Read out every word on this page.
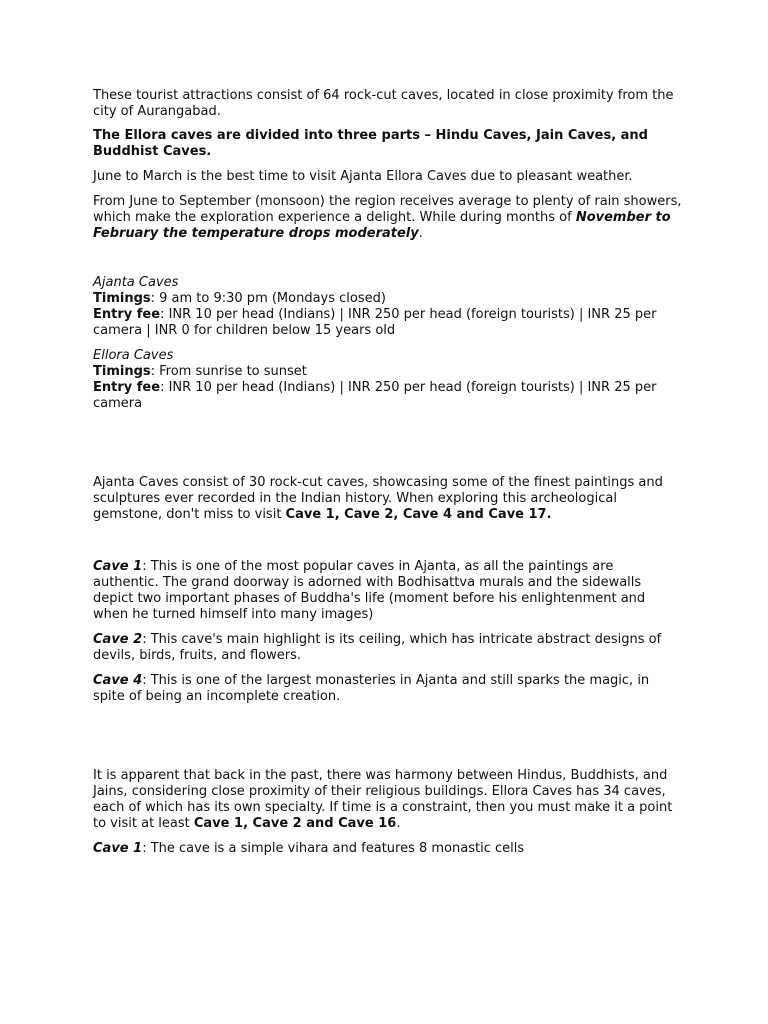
These tourist attractions consist of 64 rock-cut caves, located in close proximity from the city of Aurangabad.

The Ellora caves are divided into three parts – Hindu Caves, Jain Caves, and Buddhist Caves.

June to March is the best time to visit Ajanta Ellora Caves due to pleasant weather.

From June to September (monsoon) the region receives average to plenty of rain showers, which make the exploration experience a delight. While during months of November to February the temperature drops moderately.

Ajanta Caves

Timings: 9 am to 9:30 pm (Mondays closed)

Entry fee: INR 10 per head (Indians) | INR 250 per head (foreign tourists) | INR 25 per camera | INR 0 for children below 15 years old

Ellora Caves

Timings: From sunrise to sunset

Entry fee: INR 10 per head (Indians) | INR 250 per head (foreign tourists) | INR 25 per camera

Ajanta Caves consist of 30 rock-cut caves, showcasing some of the finest paintings and sculptures ever recorded in the Indian history. When exploring this archeological gemstone, don't miss to visit Cave 1, Cave 2, Cave 4 and Cave 17.

Cave 1: This is one of the most popular caves in Ajanta, as all the paintings are authentic. The grand doorway is adorned with Bodhisattva murals and the sidewalls depict two important phases of Buddha's life (moment before his enlightenment and when he turned himself into many images)

Cave 2: This cave's main highlight is its ceiling, which has intricate abstract designs of devils, birds, fruits, and flowers.

Cave 4: This is one of the largest monasteries in Ajanta and still sparks the magic, in spite of being an incomplete creation.

It is apparent that back in the past, there was harmony between Hindus, Buddhists, and Jains, considering close proximity of their religious buildings. Ellora Caves has 34 caves, each of which has its own specialty. If time is a constraint, then you must make it a point to visit at least Cave 1, Cave 2 and Cave 16.

Cave 1: The cave is a simple vihara and features 8 monastic cells
